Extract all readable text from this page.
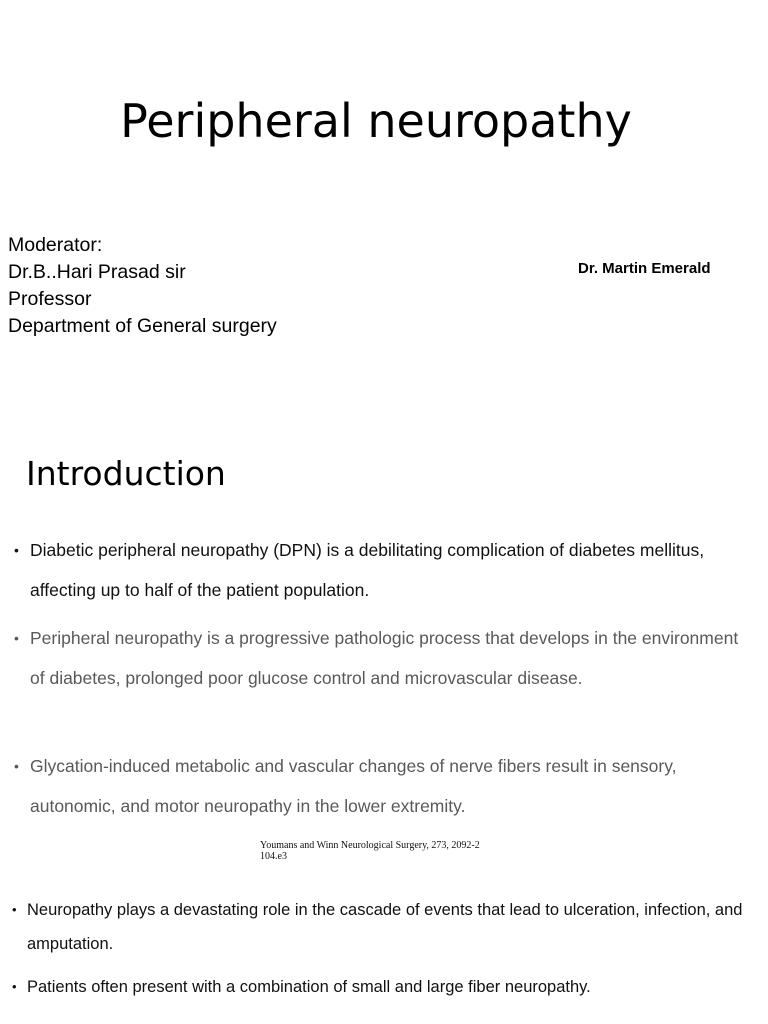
Peripheral neuropathy
Moderator:
Dr.B..Hari Prasad sir
Professor
Department of General surgery
Dr. Martin Emerald
Introduction
• Diabetic peripheral neuropathy (DPN) is a debilitating complication of diabetes mellitus, affecting up to half of the patient population.
• Peripheral neuropathy is a progressive pathologic process that develops in the environment of diabetes, prolonged poor glucose control and microvascular disease.
• Glycation-induced metabolic and vascular changes of nerve fibers result in sensory, autonomic, and motor neuropathy in the lower extremity.
Youmans and Winn Neurological Surgery, 273, 2092-2
104.e3
• Neuropathy plays a devastating role in the cascade of events that lead to ulceration, infection, and amputation.
• Patients often present with a combination of small and large fiber neuropathy.
